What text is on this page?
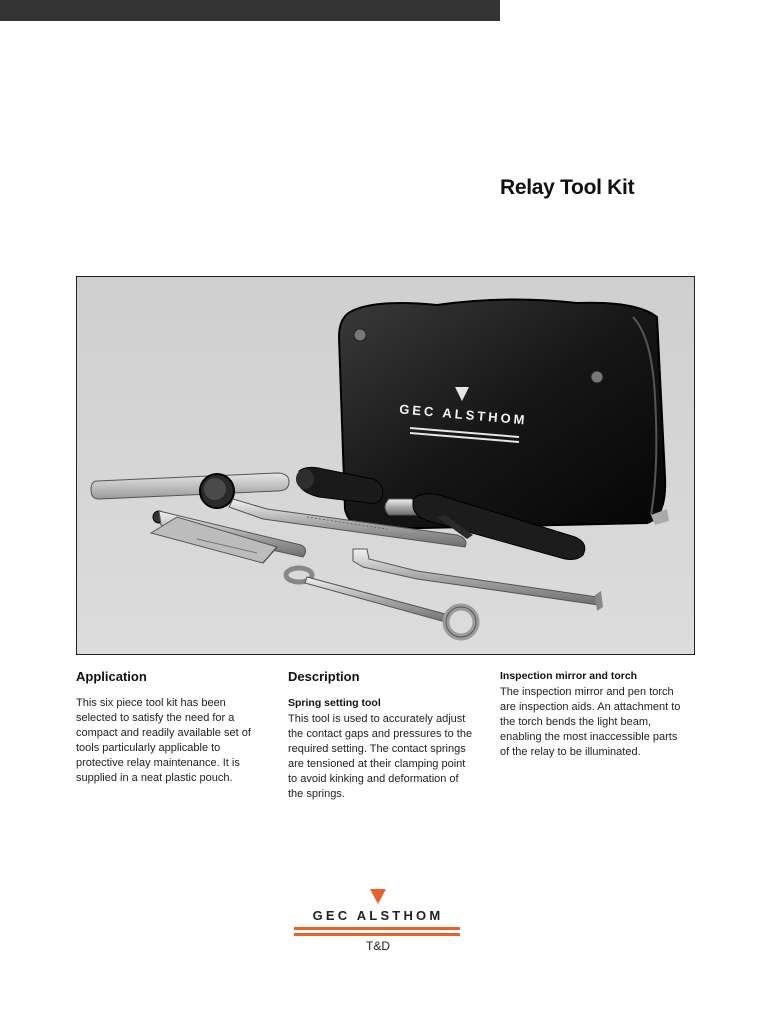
Relay Tool Kit
GEC ALSTHOM
Application

This six piece tool kit has been
selected to satisfy the need for a
compact and readily available set of
tools particularly applicable to
protective relay maintenance. It is
supplied in a neat plastic pouch.

Description
Spring setting tool

This tool is used to accurately adjust
the contact gaps and pressures to the
required setting. The contact springs
are tensioned at their clamping point
to avoid kinking and deformation of
the springs.

Inspection mirror and torch

The inspection mirror and pen torch
are inspection aids. An attachment to
the torch bends the light beam,
enabling the most inaccessible parts
of the relay to be illuminated.

GEC ALSTHOM
T&D
